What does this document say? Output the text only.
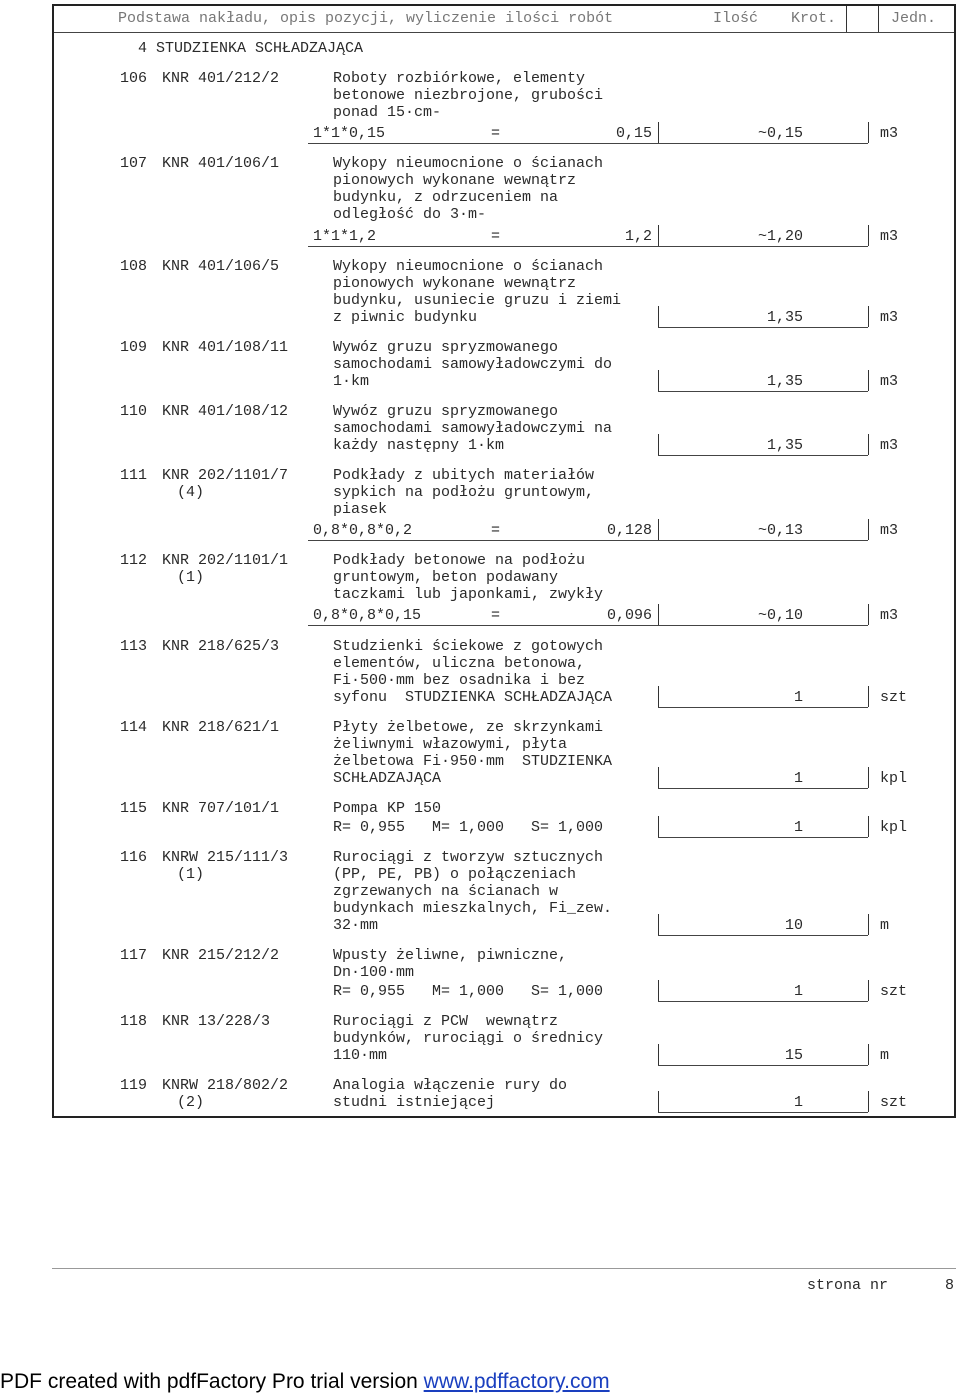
Podstawa nakładu, opis pozycji, wyliczenie ilości robót	Ilość Krot.	Jedn.
4 STUDZIENKA SCHŁADZAJĄCA
106 KNR 401/212/2	Roboty rozbiórkowe, elementy
betonowe niezbrojone, grubości
ponad 15·cm-
1*1*0,15	=	0,15	~0,15	m3
107 KNR 401/106/1	Wykopy nieumocnione o ścianach
pionowych wykonane wewnątrz
budynku, z odrzuceniem na
odległość do 3·m-
1*1*1,2	=	1,2	~1,20	m3
108 KNR 401/106/5	Wykopy nieumocnione o ścianach
pionowych wykonane wewnątrz
budynku, usuniecie gruzu i ziemi
z piwnic budynku	1,35	m3
109 KNR 401/108/11	Wywóz gruzu spryzmowanego
samochodami samowyładowczymi do
1·km	1,35	m3
110 KNR 401/108/12	Wywóz gruzu spryzmowanego
samochodami samowyładowczymi na
każdy następny 1·km	1,35	m3
111 KNR 202/1101/7
(4)
Podkłady z ubitych materiałów
sypkich na podłożu gruntowym,
piasek
0,8*0,8*0,2	=	0,128	~0,13	m3
112 KNR 202/1101/1
(1)
Podkłady betonowe na podłożu
gruntowym, beton podawany
taczkami lub japonkami, zwykły
0,8*0,8*0,15	=	0,096	~0,10	m3
113 KNR 218/625/3	Studzienki ściekowe z gotowych
elementów, uliczna betonowa,
Fi·500·mm bez osadnika i bez
syfonu  STUDZIENKA SCHŁADZAJĄCA	1	szt
114 KNR 218/621/1	Płyty żelbetowe, ze skrzynkami
żeliwnymi włazowymi, płyta
żelbetowa Fi·950·mm  STUDZIENKA
SCHŁADZAJĄCA	1	kpl
115 KNR 707/101/1	Pompa KP 150
R= 0,955   M= 1,000   S= 1,000	1	kpl
116 KNRW 215/111/3
(1)
Rurociągi z tworzyw sztucznych
(PP, PE, PB) o połączeniach
zgrzewanych na ścianach w
budynkach mieszkalnych, Fi_zew.
32·mm	10	m
117 KNR 215/212/2	Wpusty żeliwne, piwniczne,
Dn·100·mm
R= 0,955   M= 1,000   S= 1,000	1	szt
118 KNR 13/228/3	Rurociągi z PCW  wewnątrz
budynków, rurociągi o średnicy
110·mm	15	m
119 KNRW 218/802/2
(2)
Analogia włączenie rury do
studni istniejącej	1	szt
strona nr	8
PDF created with pdfFactory Pro trial version www.pdffactory.com
